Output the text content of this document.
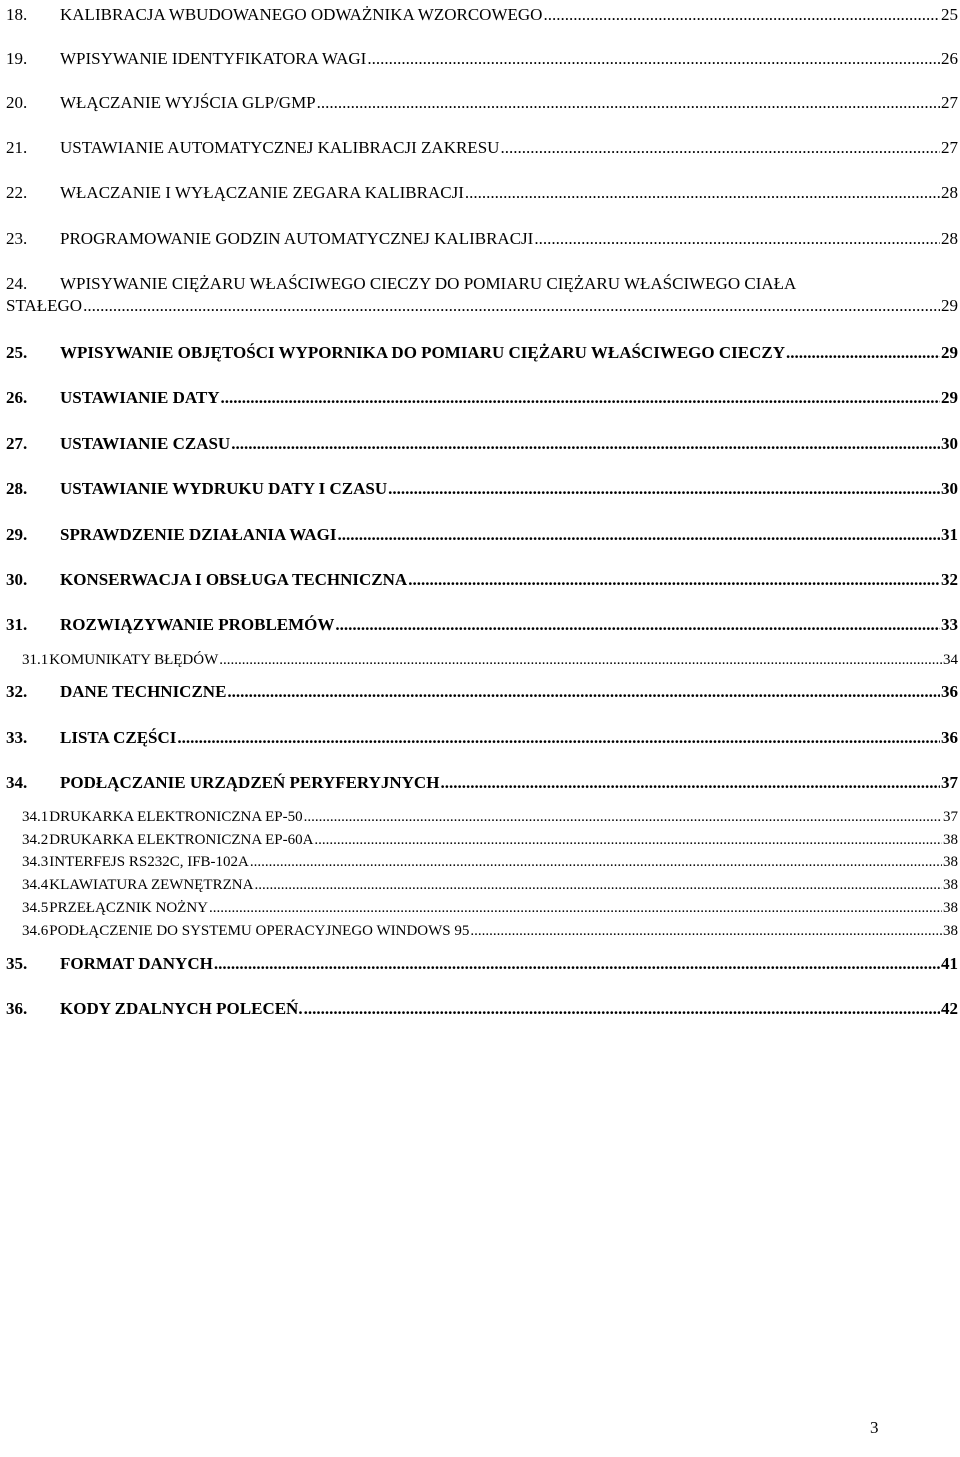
18.	KALIBRACJA WBUDOWANEGO ODWAŻNIKA WZORCOWEGO .....	25
19.	WPISYWANIE IDENTYFIKATORA WAGI .....	26
20.	WŁĄCZANIE WYJŚCIA GLP/GMP .....	27
21.	USTAWIANIE AUTOMATYCZNEJ KALIBRACJI ZAKRESU .....	27
22.	WŁACZANIE I WYŁĄCZANIE ZEGARA KALIBRACJI .....	28
23.	PROGRAMOWANIE GODZIN AUTOMATYCZNEJ KALIBRACJI .....	28
24.	WPISYWANIE CIĘŻARU WŁAŚCIWEGO CIECZY DO POMIARU CIĘŻARU WŁAŚCIWEGO CIAŁA
STAŁEGO .....	29
25.	WPISYWANIE OBJĘTOŚCI WYPORNIKA DO POMIARU CIĘŻARU WŁAŚCIWEGO CIECZY .....	29
26.	USTAWIANIE DATY .....	29
27.	USTAWIANIE CZASU .....	30
28.	USTAWIANIE WYDRUKU DATY I CZASU .....	30
29.	SPRAWDZENIE DZIAŁANIA WAGI .....	31
30.	KONSERWACJA I OBSŁUGA TECHNICZNA .....	32
31.	ROZWIĄZYWANIE PROBLEMÓW .....	33
31.1 KOMUNIKATY BŁĘDÓW .....	34
32.	DANE TECHNICZNE .....	36
33.	LISTA CZĘŚCI .....	36
34.	PODŁĄCZANIE URZĄDZEŃ PERYFERYJNYCH .....	37
34.1 DRUKARKA ELEKTRONICZNA EP-50 .....	37
34.2 DRUKARKA ELEKTRONICZNA EP-60A .....	38
34.3 INTERFEJS RS232C, IFB-102A .....	38
34.4 KLAWIATURA ZEWNĘTRZNA .....	38
34.5 PRZEŁĄCZNIK NOŻNY .....	38
34.6 PODŁĄCZENIE DO SYSTEMU OPERACYJNEGO WINDOWS 95 .....	38
35.	FORMAT DANYCH .....	41
36.	KODY ZDALNYCH POLECEŃ. .....	42
3
